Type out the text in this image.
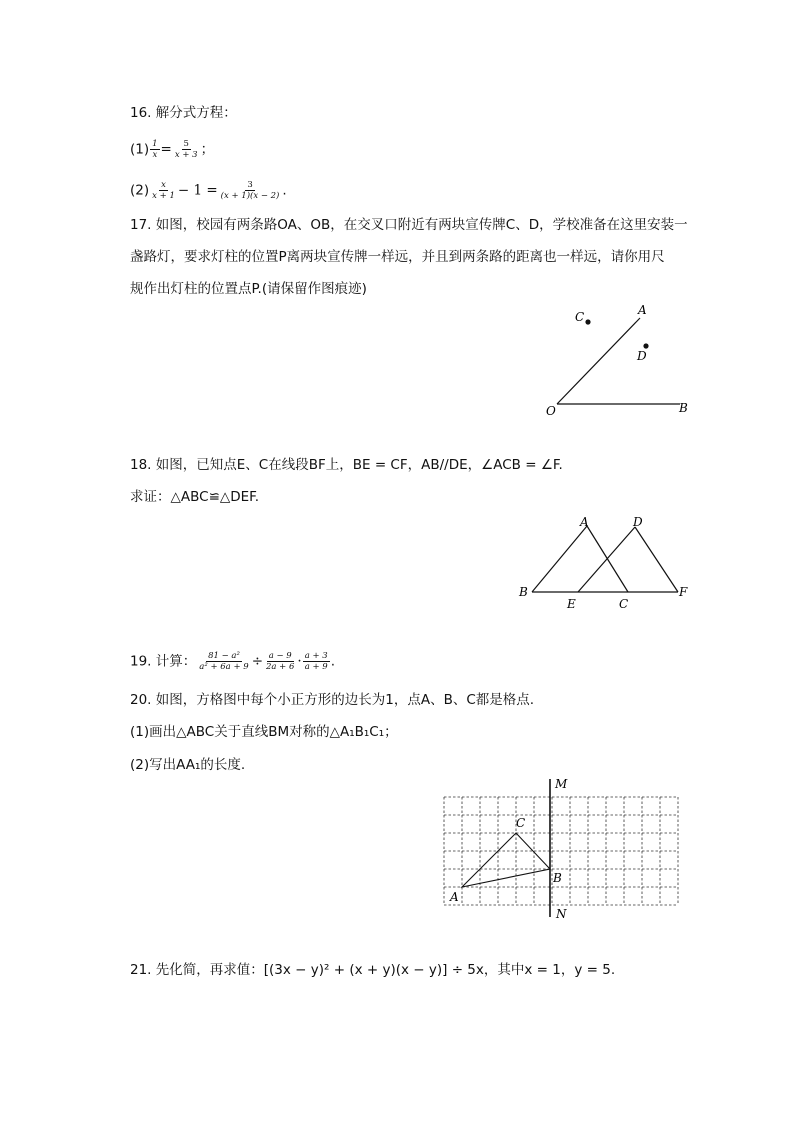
16. 解分式方程：
$(1) \frac{1}{x} = \frac{5}{x + 3}$ ；
$(2) \frac{x}{x + 1} - 1 = \frac{3}{(x + 1)(x - 2)}$ .
17. 如图，校园有两条路OA、OB，在交叉口附近有两块宣传牌C、D，学校准备在这里安装一
盏路灯，要求灯柱的位置P离两块宣传牌一样远，并且到两条路的距离也一样远，请你用尺
规作出灯柱的位置点P.(请保留作图痕迹)
C
D
A
O	B
18. 如图，已知点E、C在线段BF上，BE = CF，AB//DE，∠ACB = ∠F.
求证：△ABC≌△DEF.
A	D
B
E	C
F
19. 计算： $\frac{\text{81 − a²}}{\text{a² + 6a + 9}} \div \frac{a - 9}{2a + 6} \cdot \frac{a + 3}{a + 9}$ .
20. 如图，方格图中每个小正方形的边长为1，点A、B、C都是格点.
(1)画出△ABC关于直线BM对称的△A₁B₁C₁；
(2)写出AA₁的长度.
M
N
A
B
C
21. 先化简，再求值：[(3x − y)² + (x + y)(x − y)] ÷ 5x，其中x = 1，y = 5.
